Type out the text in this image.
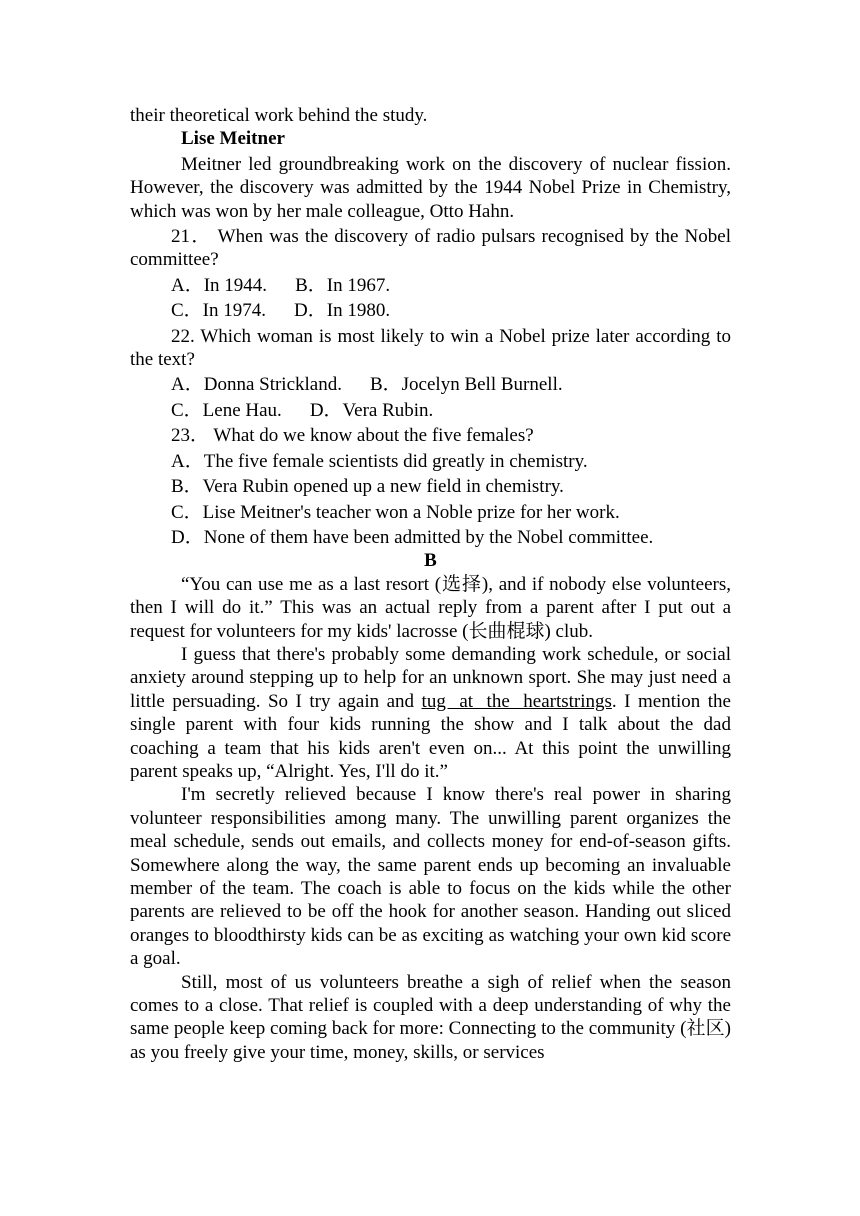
their theoretical work behind the study.

Lise Meitner

Meitner led groundbreaking work on the discovery of nuclear fission. However, the discovery was admitted by the 1944 Nobel Prize in Chemistry, which was won by her male colleague, Otto Hahn.

21． When was the discovery of radio pulsars recognised by the Nobel committee?

A．In 1944. B．In 1967.

C．In 1974. D．In 1980.

22. Which woman is most likely to win a Nobel prize later according to the text?

A．Donna Strickland. B．Jocelyn Bell Burnell.

C．Lene Hau. D．Vera Rubin.

23． What do we know about the five females?

A．The five female scientists did greatly in chemistry.

B．Vera Rubin opened up a new field in chemistry.

C．Lise Meitner's teacher won a Noble prize for her work.

D．None of them have been admitted by the Nobel committee.

B

“You can use me as a last resort (选择), and if nobody else volunteers, then I will do it.” This was an actual reply from a parent after I put out a request for volunteers for my kids' lacrosse (长曲棍球) club.

I guess that there's probably some demanding work schedule, or social anxiety around stepping up to help for an unknown sport. She may just need a little persuading. So I try again and tug at the heartstrings. I mention the single parent with four kids running the show and I talk about the dad coaching a team that his kids aren't even on... At this point the unwilling parent speaks up, “Alright. Yes, I'll do it.”

I'm secretly relieved because I know there's real power in sharing volunteer responsibilities among many. The unwilling parent organizes the meal schedule, sends out emails, and collects money for end-of-season gifts. Somewhere along the way, the same parent ends up becoming an invaluable member of the team. The coach is able to focus on the kids while the other parents are relieved to be off the hook for another season. Handing out sliced oranges to bloodthirsty kids can be as exciting as watching your own kid score a goal.

Still, most of us volunteers breathe a sigh of relief when the season comes to a close. That relief is coupled with a deep understanding of why the same people keep coming back for more: Connecting to the community (社区) as you freely give your time, money, skills, or services
